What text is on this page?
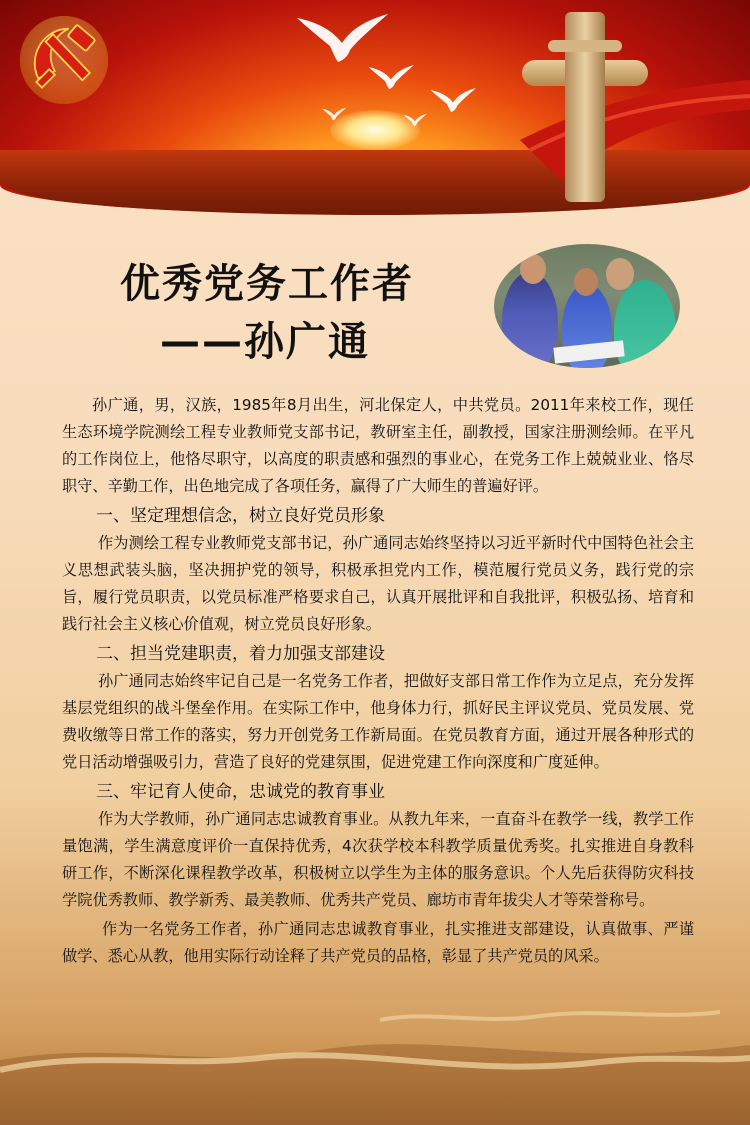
优秀党务工作者
——孙广通

孙广通，男，汉族，1985年8月出生，河北保定人，中共党员。2011年来校工作，现任生态环境学院测绘工程专业教师党支部书记，教研室主任，副教授，国家注册测绘师。在平凡的工作岗位上，他恪尽职守，以高度的职责感和强烈的事业心，在党务工作上兢兢业业、恪尽职守、辛勤工作，出色地完成了各项任务，赢得了广大师生的普遍好评。

一、坚定理想信念，树立良好党员形象

作为测绘工程专业教师党支部书记，孙广通同志始终坚持以习近平新时代中国特色社会主义思想武装头脑，坚决拥护党的领导，积极承担党内工作，模范履行党员义务，践行党的宗旨，履行党员职责，以党员标准严格要求自己，认真开展批评和自我批评，积极弘扬、培育和践行社会主义核心价值观，树立党员良好形象。

二、担当党建职责，着力加强支部建设

孙广通同志始终牢记自己是一名党务工作者，把做好支部日常工作作为立足点，充分发挥基层党组织的战斗堡垒作用。在实际工作中，他身体力行，抓好民主评议党员、党员发展、党费收缴等日常工作的落实，努力开创党务工作新局面。在党员教育方面，通过开展各种形式的党日活动增强吸引力，营造了良好的党建氛围，促进党建工作向深度和广度延伸。

三、牢记育人使命，忠诚党的教育事业

作为大学教师，孙广通同志忠诚教育事业。从教九年来，一直奋斗在教学一线，教学工作量饱满，学生满意度评价一直保持优秀，4次获学校本科教学质量优秀奖。扎实推进自身教科研工作，不断深化课程教学改革，积极树立以学生为主体的服务意识。个人先后获得防灾科技学院优秀教师、教学新秀、最美教师、优秀共产党员、廊坊市青年拔尖人才等荣誉称号。

作为一名党务工作者，孙广通同志忠诚教育事业，扎实推进支部建设，认真做事、严谨做学、悉心从教，他用实际行动诠释了共产党员的品格，彰显了共产党员的风采。
